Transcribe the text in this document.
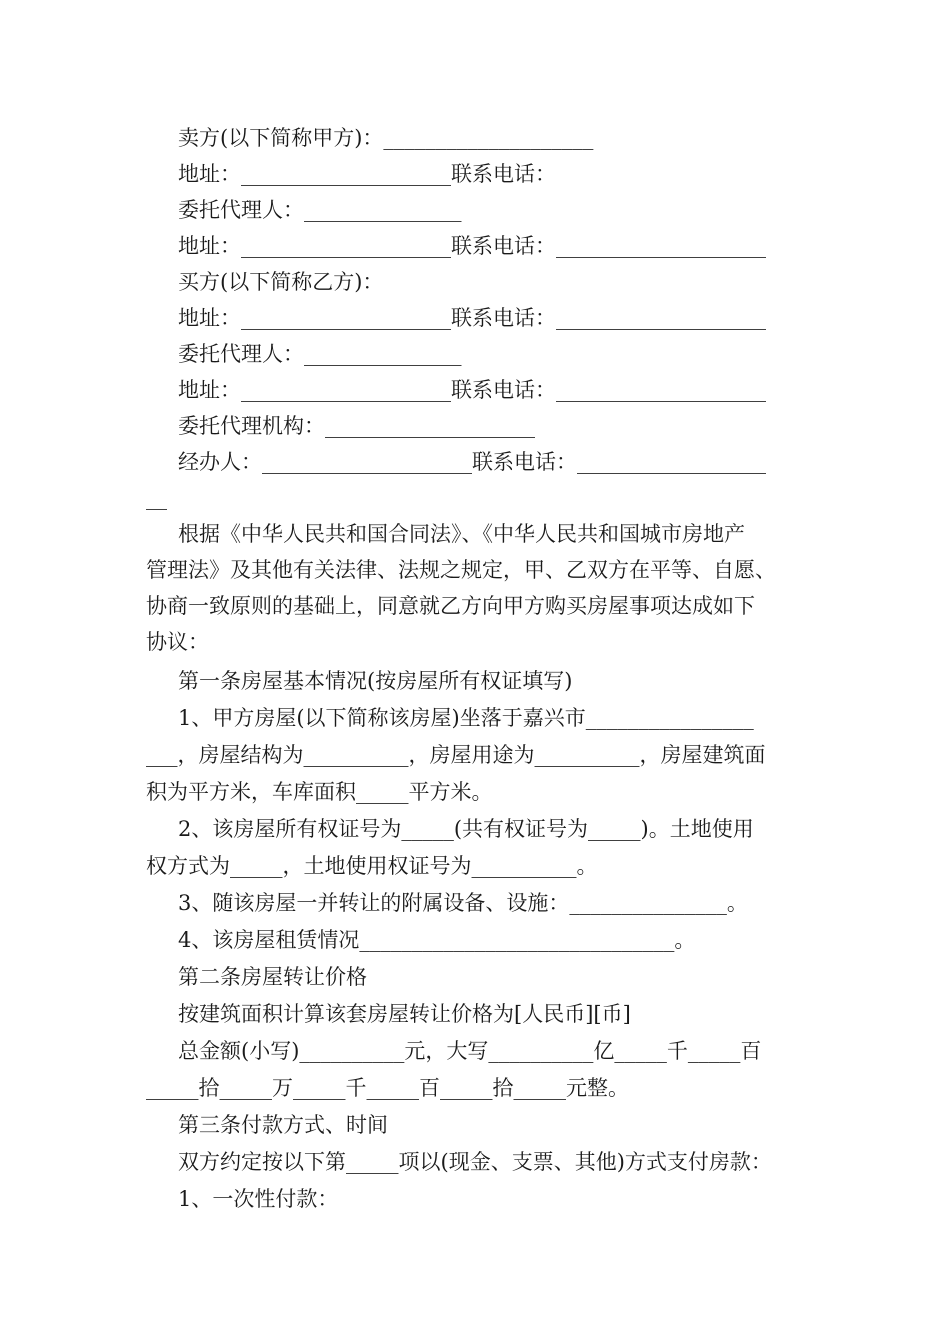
卖方(以下简称甲方)：____________________
地址：____________________联系电话：
委托代理人：_______________
地址：____________________联系电话：____________________
买方(以下简称乙方)：
地址：____________________联系电话：____________________
委托代理人：_______________
地址：____________________联系电话：____________________
委托代理机构：____________________
经办人：____________________联系电话：__________________
__
根据《中华人民共和国合同法》、《中华人民共和国城市房地产
管理法》及其他有关法律、法规之规定，甲、乙双方在平等、自愿、
协商一致原则的基础上，同意就乙方向甲方购买房屋事项达成如下
协议：
第一条房屋基本情况(按房屋所有权证填写)
1、甲方房屋(以下简称该房屋)坐落于嘉兴市________________
___，房屋结构为__________，房屋用途为__________，房屋建筑面
积为平方米，车库面积_____平方米。
2、该房屋所有权证号为_____(共有权证号为_____)。土地使用
权方式为_____，土地使用权证号为__________。
3、随该房屋一并转让的附属设备、设施：_______________。
4、该房屋租赁情况______________________________。
第二条房屋转让价格
按建筑面积计算该套房屋转让价格为[人民币][币]
总金额(小写)__________元，大写__________亿_____千_____百
_____拾_____万_____千_____百_____拾_____元整。
第三条付款方式、时间
双方约定按以下第_____项以(现金、支票、其他)方式支付房款：
1、一次性付款：
